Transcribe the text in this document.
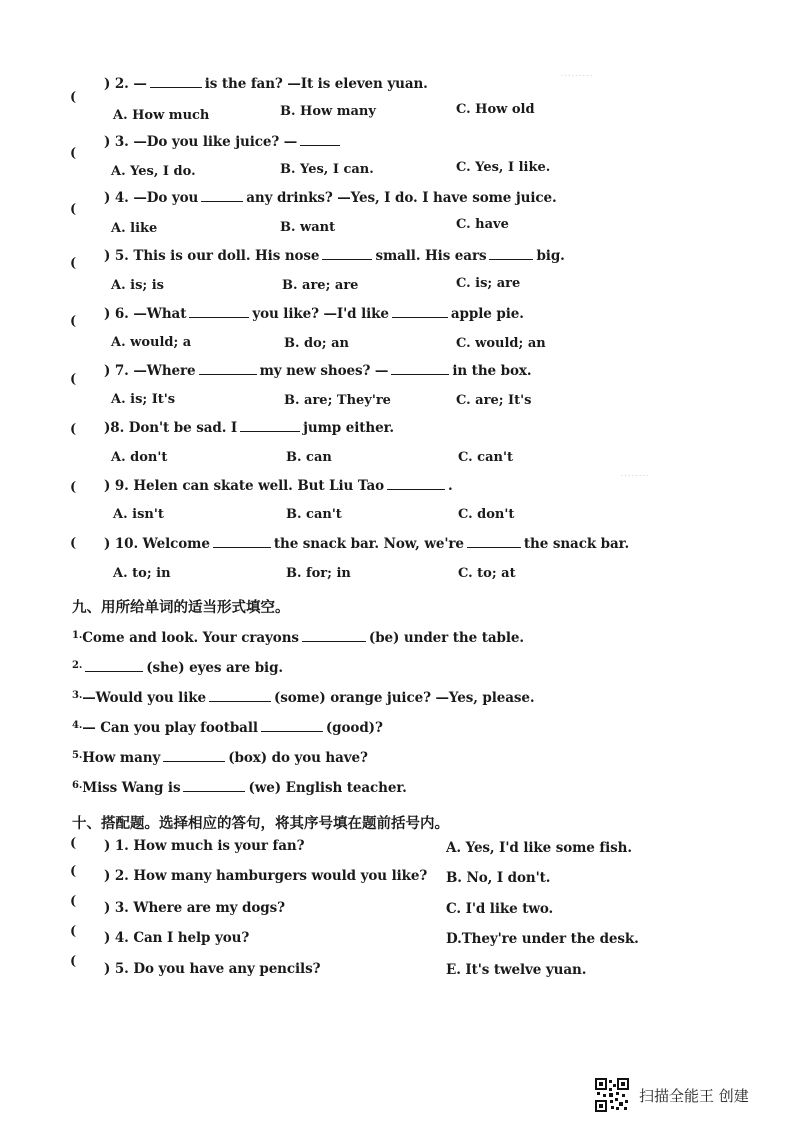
·········
········
(
) 2. —	is the fan? —It is eleven yuan.
A. How much	B. How many	C. How old
(
) 3. —Do you like juice? —
A. Yes, I do.	B. Yes, I can.	C. Yes, I like.
(
) 4. —Do you	any drinks? —Yes, I do. I have some juice.
A. like	B. want	C. have
( ) 5. This is our doll. His nose	small. His ears	big.
A. is; is	B. are; are	C. is; are
( ) 6. —What	you like? —I'd like	apple pie.
A. would; a	B. do; an	C. would; an
(
) 7. —Where	my new shoes? —	in the box.
A. is; It's	B. are; They're	C. are; It's
( )8. Don't be sad. I	jump either.
A. don't	B. can	C. can't
( ) 9. Helen can skate well. But Liu Tao	.
A. isn't	B. can't	C. don't
( ) 10. Welcome	the snack bar. Now, we're	the snack bar.
A. to; in	B. for; in	C. to; at
九、用所给单词的适当形式填空。
$^{1.}$Come and look. Your crayons	(be) under the table.
$^{2.}$	(she) eyes are big.
$^{3.}$—Would you like	(some) orange juice? —Yes, please.
$^{4.}$— Can you play football	(good)?
$^{5.}$How many	(box) do you have?
$^{6.}$Miss Wang is	(we) English teacher.
十、搭配题。选择相应的答句，将其序号填在题前括号内。
( ) 1. How much is your fan?	A. Yes, I'd like some fish.
( ) 2. How many hamburgers would you like? B. No, I don't.
( ) 3. Where are my dogs?	C. I'd like two.
( ) 4. Can I help you?	D.They're under the desk.
( ) 5. Do you have any pencils?	E. It's twelve yuan.
扫描全能王 创建
